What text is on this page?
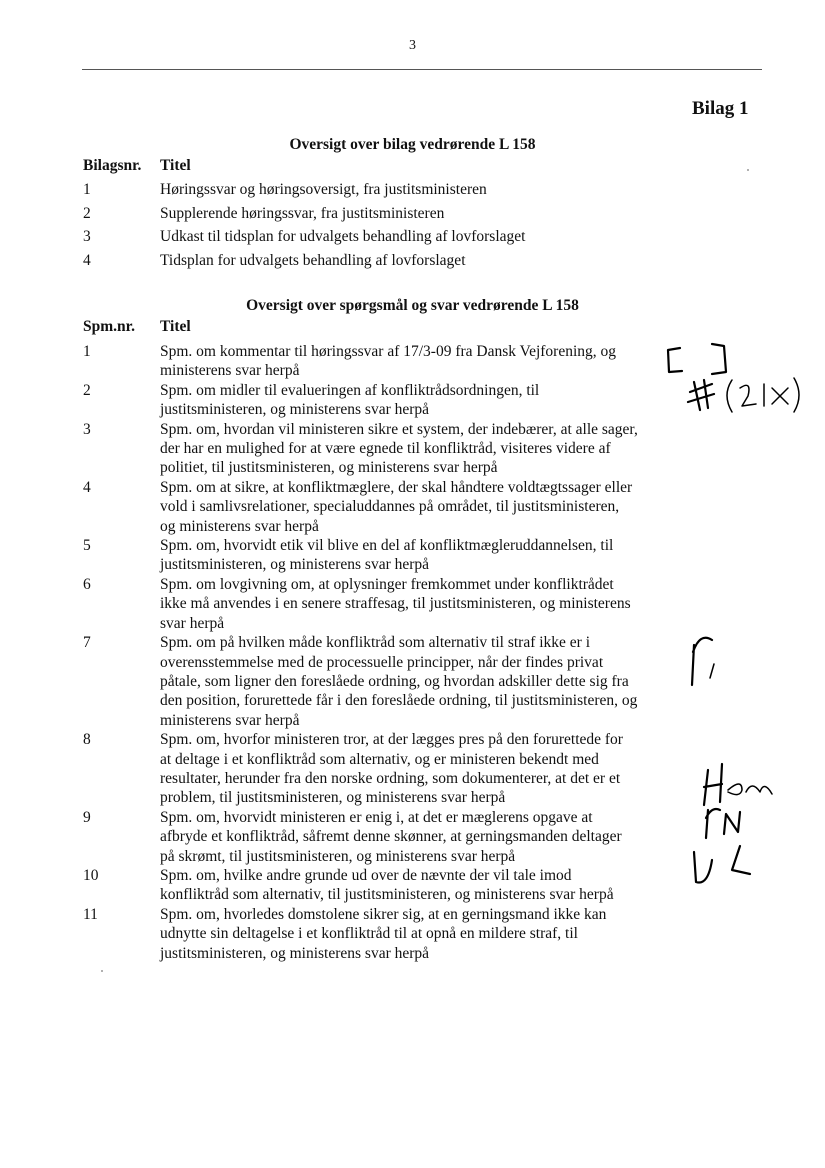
3
Bilag 1
Oversigt over bilag vedrørende L 158
Bilagsnr. Titel
1	Høringssvar og høringsoversigt, fra justitsministeren
2	Supplerende høringssvar, fra justitsministeren
3	Udkast til tidsplan for udvalgets behandling af lovforslaget
4	Tidsplan for udvalgets behandling af lovforslaget
Oversigt over spørgsmål og svar vedrørende L 158
Spm.nr. Titel
1	Spm. om kommentar til høringssvar af 17/3-09 fra Dansk Vejforening, og ministerens svar herpå
2	Spm. om midler til evalueringen af konfliktrådsordningen, til justitsministeren, og ministerens svar herpå
3	Spm. om, hvordan vil ministeren sikre et system, der indebærer, at alle sager, der har en mulighed for at være egnede til konfliktråd, visiteres videre af politiet, til justitsministeren, og ministerens svar herpå
4	Spm. om at sikre, at konfliktmæglere, der skal håndtere voldtægtssager eller vold i samlivsrelationer, specialuddannes på området, til justitsministeren, og ministerens svar herpå
5	Spm. om, hvorvidt etik vil blive en del af konfliktmægleruddannelsen, til justitsministeren, og ministerens svar herpå
6	Spm. om lovgivning om, at oplysninger fremkommet under konfliktrådet ikke må anvendes i en senere straffesag, til justitsministeren, og ministerens svar herpå
7	Spm. om på hvilken måde konfliktråd som alternativ til straf ikke er i overensstemmelse med de processuelle principper, når der findes privat påtale, som ligner den foreslåede ordning, og hvordan adskiller dette sig fra den position, forurettede får i den foreslåede ordning, til justitsministeren, og ministerens svar herpå
8	Spm. om, hvorfor ministeren tror, at der lægges pres på den forurettede for at deltage i et konfliktråd som alternativ, og er ministeren bekendt med resultater, herunder fra den norske ordning, som dokumenterer, at det er et problem, til justitsministeren, og ministerens svar herpå
9	Spm. om, hvorvidt ministeren er enig i, at det er mæglerens opgave at afbryde et konfliktråd, såfremt denne skønner, at gerningsmanden deltager på skrømt, til justitsministeren, og ministerens svar herpå
10	Spm. om, hvilke andre grunde ud over de nævnte der vil tale imod konfliktråd som alternativ, til justitsministeren, og ministerens svar herpå
11	Spm. om, hvorledes domstolene sikrer sig, at en gerningsmand ikke kan udnytte sin deltagelse i et konfliktråd til at opnå en mildere straf, til justitsministeren, og ministerens svar herpå
